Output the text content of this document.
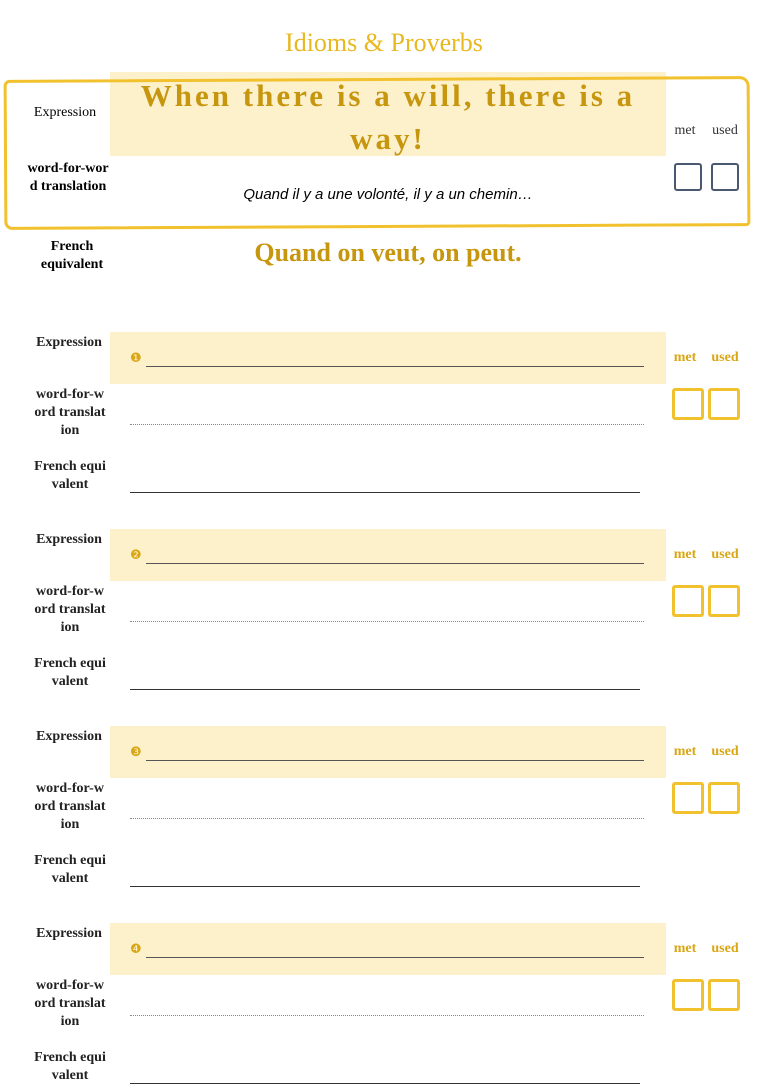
Idioms & Proverbs
Expression	When there is a will, there is a way!	met	used
word-for-word translation	Quand il y a une volonté, il y a un chemin…
French equivalent	Quand on veut, on peut.
Expression
❶	met used
word-for-word translation
French equivalent
Expression
❷	met used
word-for-word translation
French equivalent
Expression
❸	met used
word-for-word translation
French equivalent
Expression
❹	met used
word-for-word translation
French equivalent
